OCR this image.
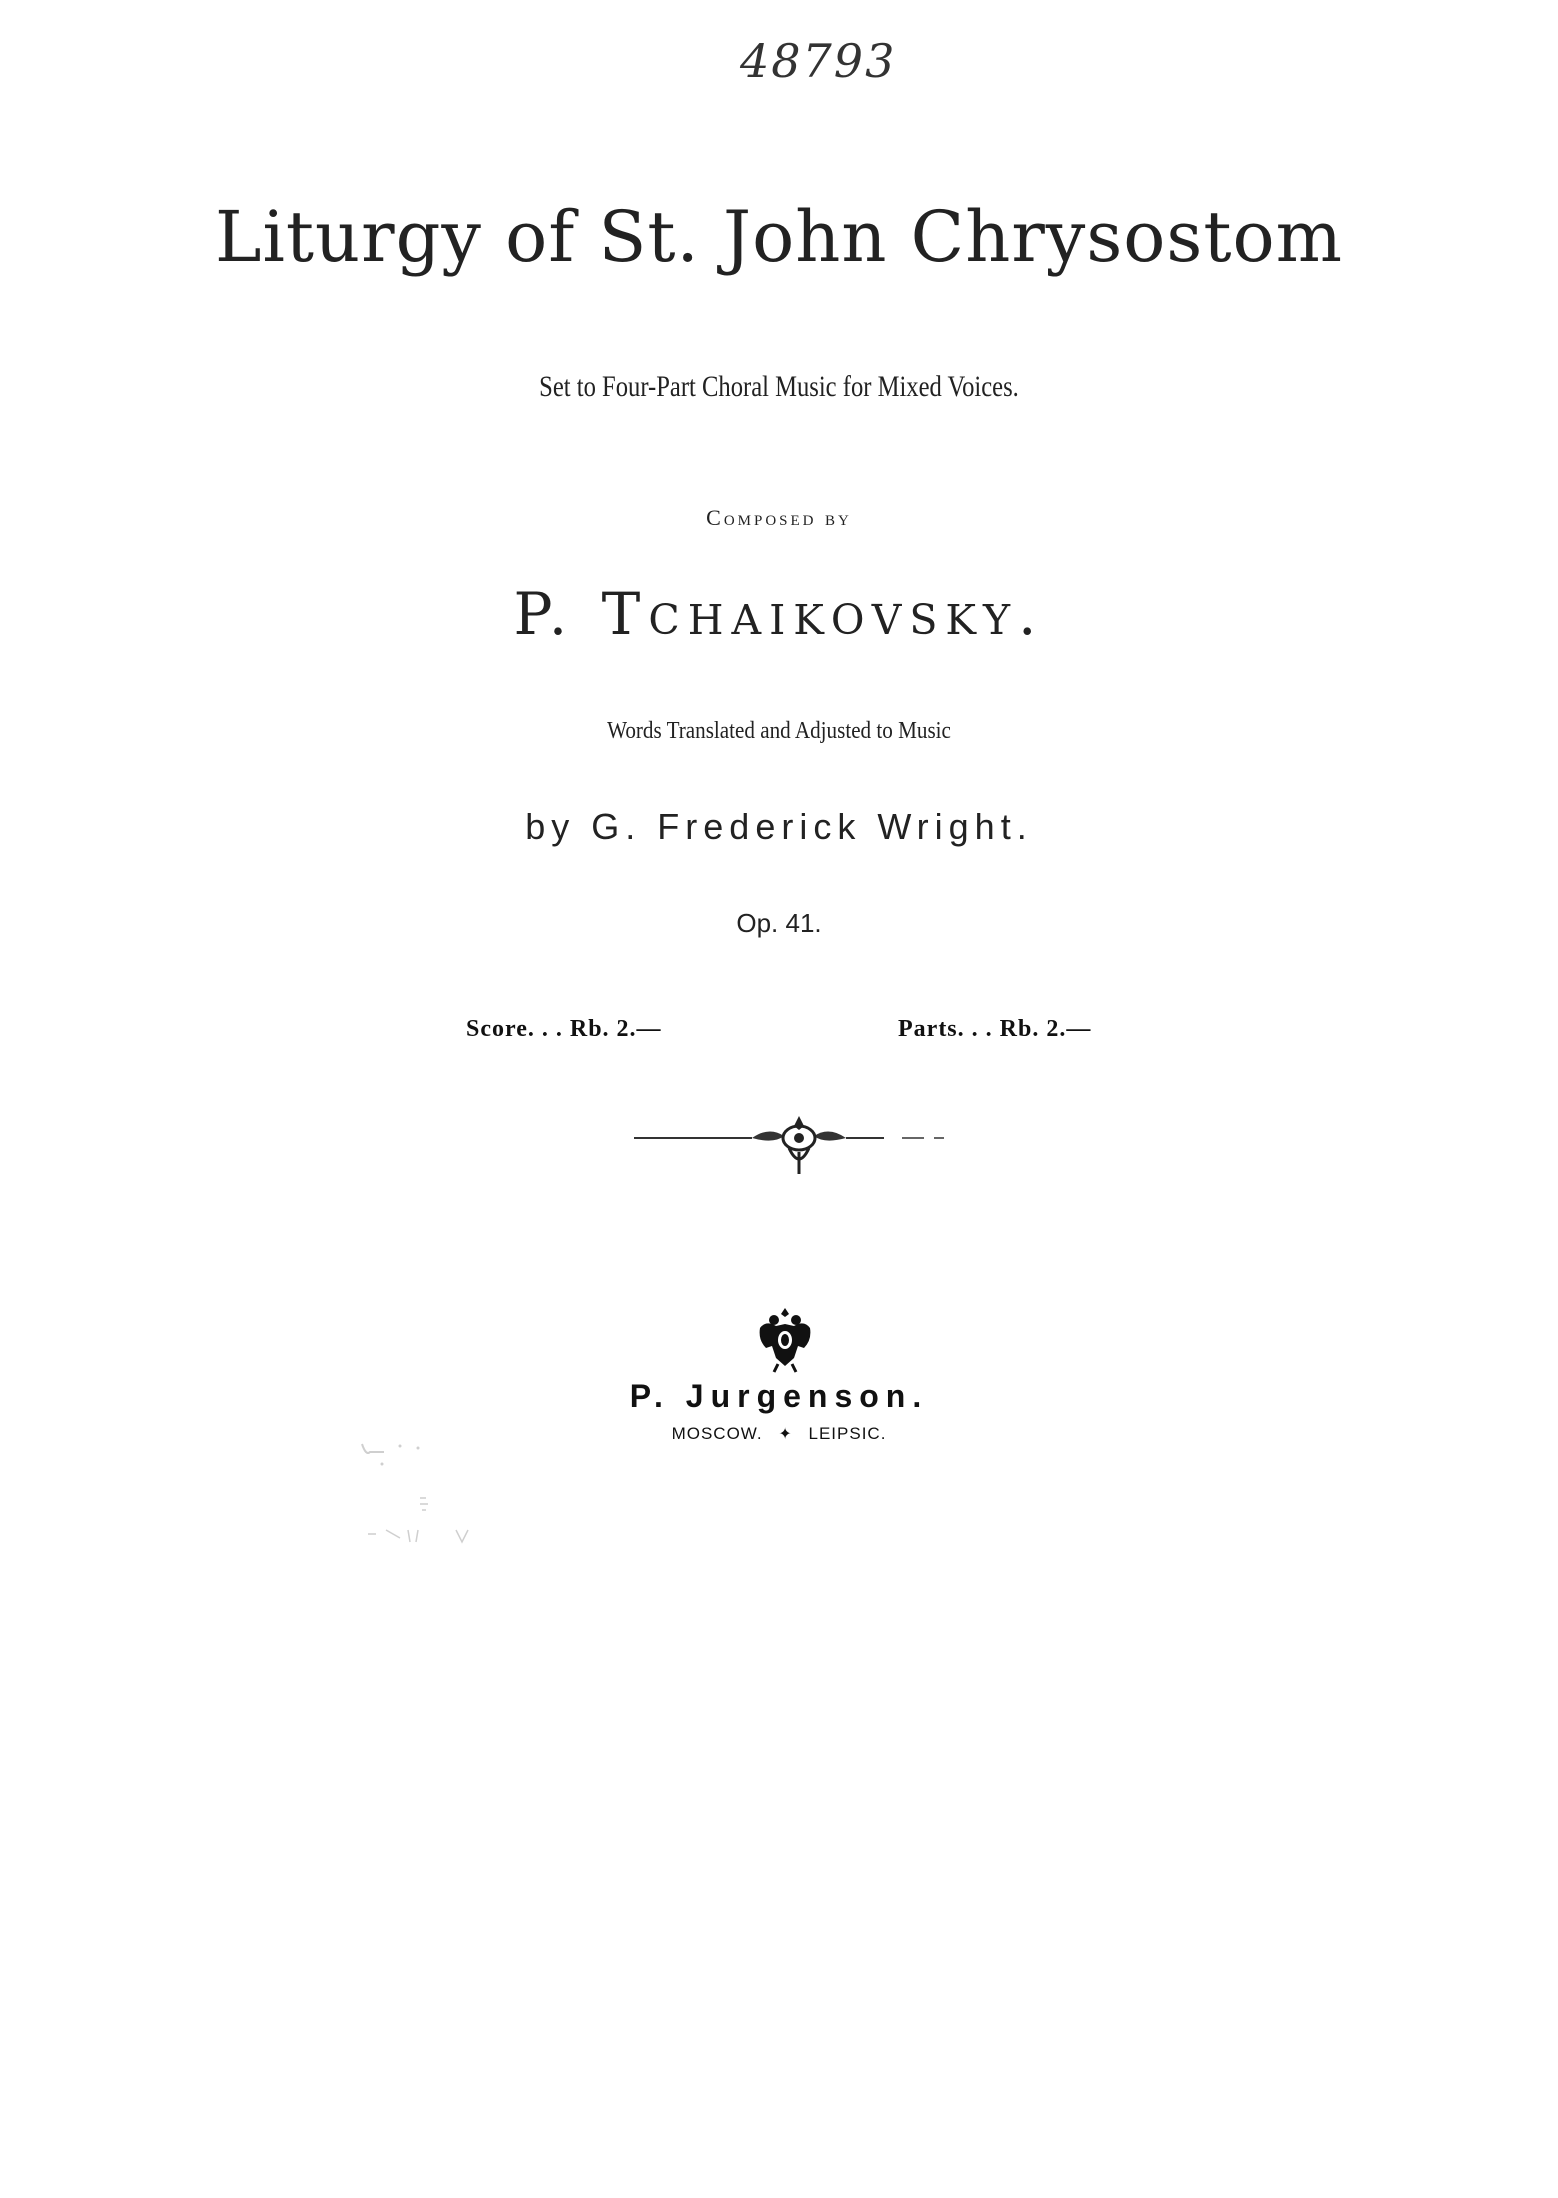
48793
Liturgy of St. John Chrysostom
Set to Four-Part Choral Music for Mixed Voices.
Composed by
P. Tchaikovsky.
Words Translated and Adjusted to Music
by G. Frederick Wright.
Op. 41.
Score. . . Rb. 2.—	Parts. . . Rb. 2.—
P. Jurgenson.
MOSCOW. ✦ LEIPSIC.
